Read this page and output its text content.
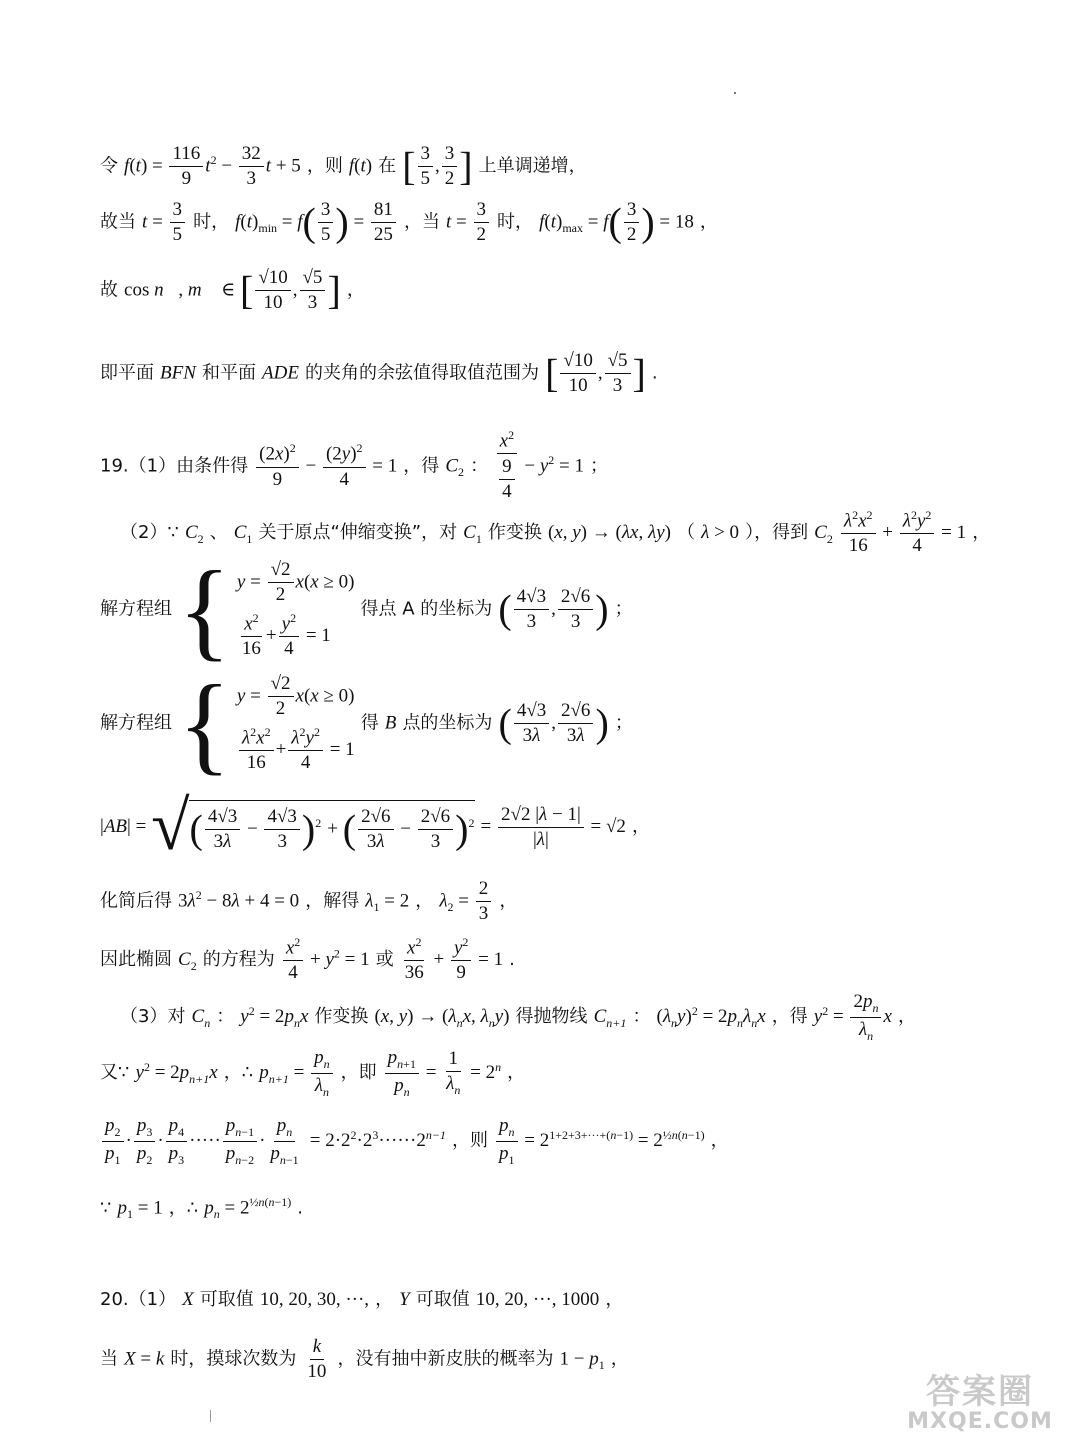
令 $f(t) = \frac{116}{9} t^2 - \frac{32}{3}$ t + 5 ，则 f(t) 在 [ $\frac{3}{5}$ , $\frac{3}{2}$ ] 上单调递增，
故当 $t = \frac{3}{5}$ 时， $f(t)_{min} = f( \frac{3}{5}$ ) = $\frac{81}{25}$ ，当 $t = \frac{3}{2}$ 时， $f(t)_{max} = f( \frac{3}{2}$ ) = 18 ，
故 cos n⃗, m⃗ ∈ [ $\frac{√10}{10}$ , $\frac{√5}{3}$ ] ，
即平面 BFN 和平面 ADE 的夹角的余弦值得取值范围为 [ $\frac{√10}{10}$ , $\frac{√5}{3}$ ] .
19.（1）由条件得 $\frac{(2x)^2}{9} - \frac{(2y)^2}{4} = 1$ ，得 $C_2$ ： $\frac{x^2}{\frac{9}{4}} - y^2 = 1$ ；
（2）∵ $C_2$ 、 $C_1$ 关于原点“伸缩变换”，对 $C_1$ 作变换 (x, y) → (λx, λy) （ λ > 0 ），得到 $C_2 \frac{\lambda^2x^2}{16} + \frac{\lambda^2y^2}{4} = 1$ ，
解方程组 { $y = \frac{√2}{2} x(x \ge 0)$
$\frac{x^2}{16} + \frac{y^2}{4} = 1$
得点 A 的坐标为 ( $\frac{4√3}{3}$ , $\frac{2√6}{3}$ ) ；
解方程组 { $y = \frac{√2}{2} x(x \ge 0)$
$\frac{\lambda^2x^2}{16} + \frac{\lambda^2y^2}{4} = 1$
得 B 点的坐标为 ( $\frac{4√3}{3\lambda}$ , $\frac{2√6}{3\lambda}$ ) ；
|AB| = √( $\frac{4√3}{3\lambda} - \frac{4√3}{3} )^2$ + ( $\frac{2√6}{3\lambda} - \frac{2√6}{3} )^2 = \frac{2√2 |\lambda - 1|}{|\lambda|} = √2$ ，
化简后得 $3\lambda^2 - 8\lambda + 4 = 0$ ，解得 $\lambda_1 = 2$ ， $\lambda_2 = \frac{2}{3}$ ，
因此椭圆 $C_2$ 的方程为 $\frac{x^2}{4} + y^2 = 1$ 或 $\frac{x^2}{36} + \frac{y^2}{9} = 1$ .
（3）对 $C_n$ ： $y^2 = 2p_nx$ 作变换 (x, $y) \to (\lambda_nx$, $\lambda_ny$) 得抛物线 $C_{n+1}$ ： $(\lambda_ny)^2 = 2p_n\lambda_nx$ ，得 $y^2 = \frac{2p_n}{\lambda_n}$ x ，
又∵ $y^2 = 2p_{n+1}x$ ，∴ $p_{n+1} = \frac{p_n}{\lambda_n}$ ，即 $\frac{p_{n+1}}{p_n} = \frac{1}{\lambda_n} = 2^n$ ，
$\frac{p_2}{p_1} \cdot \frac{p_3}{p_2} \cdot \frac{p_4}{p_3}$ ····· $\frac{p_{n-1}}{p_{n-2}} \cdot \frac{p_n}{p_{n-1}} = 2\cdot 2^2\cdot 2^3\cdot\cdot\cdot\cdot\cdot\cdot 2^{n-1}$ ，则 $\frac{p_n}{p_1} = 2^{1+2+3+\cdot\cdot\cdot+(n-1)} = 2^{\frac{1}{2}n(n-1)}$ ，
∵ $p_1 = 1$ ，∴ $p_n = 2^{\frac{1}{2}n(n-1)}$ .
20.（1） X 可取值 10, 20, 30, ···, ， Y 可取值 10, 20, ···, 1000 ，
当 X = k 时，摸球次数为 $\frac{k}{10}$ ，没有抽中新皮肤的概率为 $1 - p_1$ ，
答案圈
MXQE.COM
